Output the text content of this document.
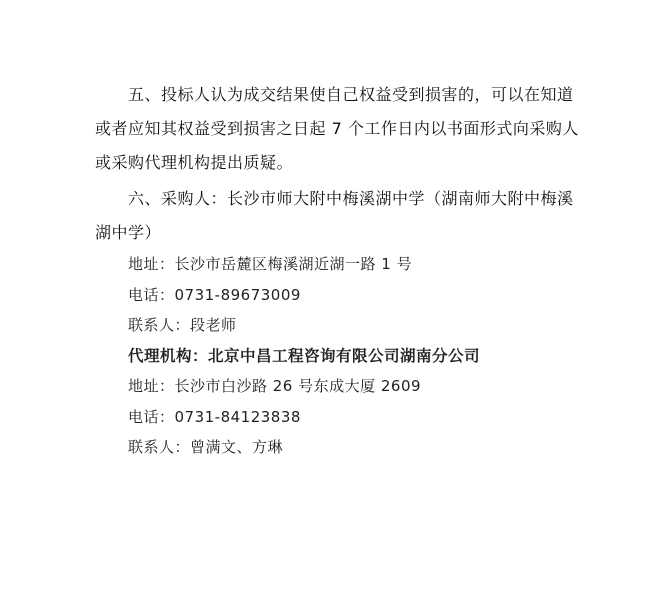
五、投标人认为成交结果使自己权益受到损害的，可以在知道或者应知其权益受到损害之日起 7 个工作日内以书面形式向采购人或采购代理机构提出质疑。
六、采购人：长沙市师大附中梅溪湖中学（湖南师大附中梅溪湖中学）
地址：长沙市岳麓区梅溪湖近湖一路 1 号
电话：0731-89673009
联系人：段老师
代理机构：北京中昌工程咨询有限公司湖南分公司
地址：长沙市白沙路 26 号东成大厦 2609
电话：0731-84123838
联系人：曾满文、方琳
